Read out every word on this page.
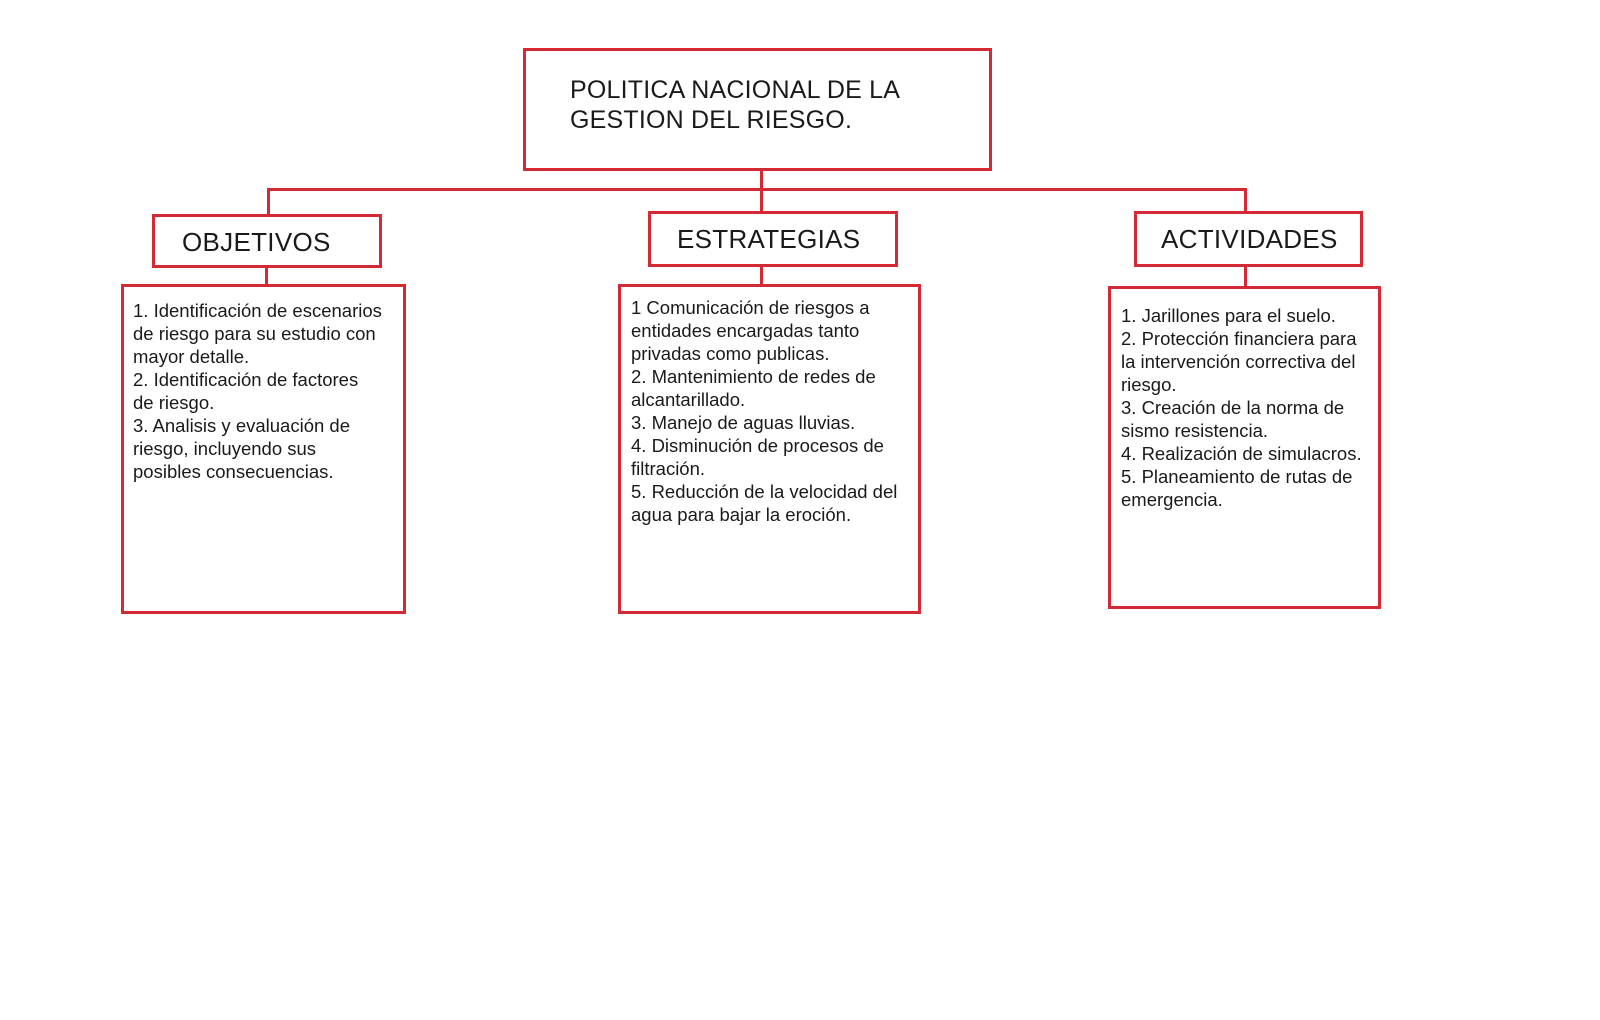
POLITICA NACIONAL DE LA
GESTION DEL RIESGO.
OBJETIVOS	ESTRATEGIAS	ACTIVIDADES
1. Identificación de escenarios
de riesgo para su estudio con
mayor detalle.
2. Identificación de factores
de riesgo.
3. Analisis y evaluación de
riesgo, incluyendo sus
posibles consecuencias.
1 Comunicación de riesgos a
entidades encargadas tanto
privadas como publicas.
2. Mantenimiento de redes de
alcantarillado.
3. Manejo de aguas lluvias.
4. Disminución de procesos de
filtración.
5. Reducción de la velocidad del
agua para bajar la eroción.
1. Jarillones para el suelo.
2. Protección financiera para
la intervención correctiva del
riesgo.
3. Creación de la norma de
sismo resistencia.
4. Realización de simulacros.
5. Planeamiento de rutas de
emergencia.
